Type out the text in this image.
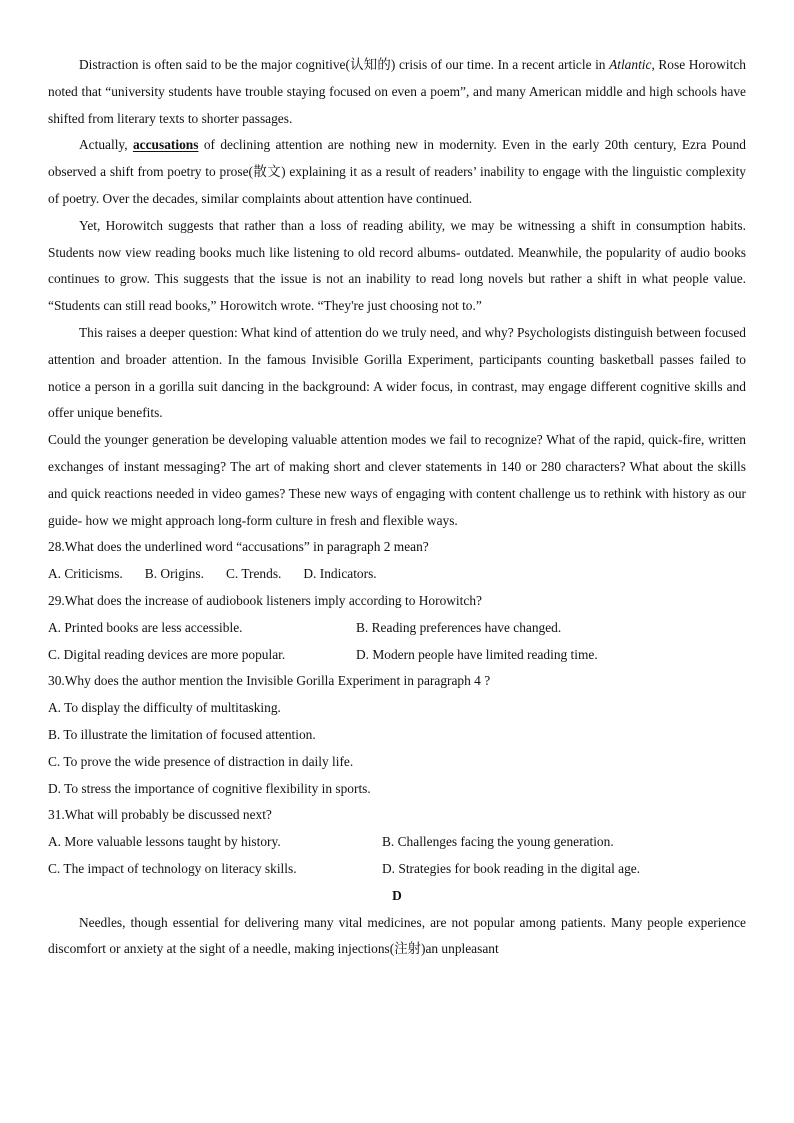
Distraction is often said to be the major cognitive(认知的) crisis of our time. In a recent article in Atlantic, Rose Horowitch noted that “university students have trouble staying focused on even a poem”, and many American middle and high schools have shifted from literary texts to shorter passages.

Actually, accusations of declining attention are nothing new in modernity. Even in the early 20th century, Ezra Pound observed a shift from poetry to prose(散文) explaining it as a result of readers’ inability to engage with the linguistic complexity of poetry. Over the decades, similar complaints about attention have continued.

Yet, Horowitch suggests that rather than a loss of reading ability, we may be witnessing a shift in consumption habits. Students now view reading books much like listening to old record albums- outdated. Meanwhile, the popularity of audio books continues to grow. This suggests that the issue is not an inability to read long novels but rather a shift in what people value. “Students can still read books,” Horowitch wrote. “They're just choosing not to.”

This raises a deeper question: What kind of attention do we truly need, and why? Psychologists distinguish between focused attention and broader attention. In the famous Invisible Gorilla Experiment, participants counting basketball passes failed to notice a person in a gorilla suit dancing in the background: A wider focus, in contrast, may engage different cognitive skills and offer unique benefits.

Could the younger generation be developing valuable attention modes we fail to recognize? What of the rapid, quick-fire, written exchanges of instant messaging? The art of making short and clever statements in 140 or 280 characters? What about the skills and quick reactions needed in video games? These new ways of engaging with content challenge us to rethink with history as our guide- how we might approach long-form culture in fresh and flexible ways.

28.What does the underlined word “accusations” in paragraph 2 mean?

A. Criticisms. B. Origins. C. Trends. D. Indicators.

29.What does the increase of audiobook listeners imply according to Horowitch?

A. Printed books are less accessible.	B. Reading preferences have changed.
C. Digital reading devices are more popular.	D. Modern people have limited reading time.

30.Why does the author mention the Invisible Gorilla Experiment in paragraph 4 ?

A. To display the difficulty of multitasking.

B. To illustrate the limitation of focused attention.

C. To prove the wide presence of distraction in daily life.

D. To stress the importance of cognitive flexibility in sports.

31.What will probably be discussed next?

A. More valuable lessons taught by history.	B. Challenges facing the young generation.
C. The impact of technology on literacy skills.	D. Strategies for book reading in the digital age.

D

Needles, though essential for delivering many vital medicines, are not popular among patients. Many people experience discomfort or anxiety at the sight of a needle, making injections(注射)an unpleasant
